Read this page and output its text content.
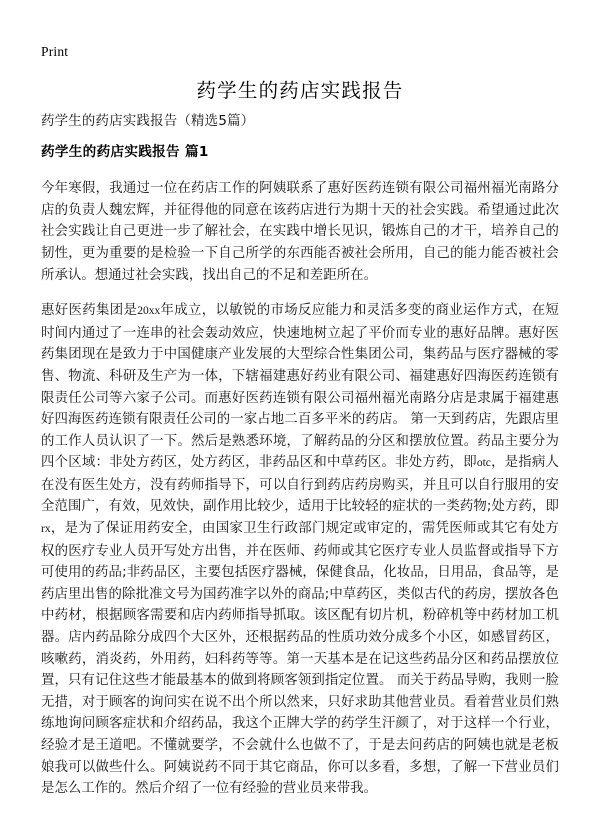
Print
药学生的药店实践报告

药学生的药店实践报告（精选5篇）

药学生的药店实践报告 篇1

今年寒假，我通过一位在药店工作的阿姨联系了惠好医药连锁有限公司福州福光南路分店的负责人魏宏辉，并征得他的同意在该药店进行为期十天的社会实践。希望通过此次社会实践让自己更进一步了解社会，在实践中增长见识，锻炼自己的才干，培养自己的韧性，更为重要的是检验一下自己所学的东西能否被社会所用，自己的能力能否被社会所承认。想通过社会实践，找出自己的不足和差距所在。

惠好医药集团是20xx年成立，以敏锐的市场反应能力和灵活多变的商业运作方式，在短时间内通过了一连串的社会轰动效应，快速地树立起了平价而专业的惠好品牌。惠好医药集团现在是致力于中国健康产业发展的大型综合性集团公司，集药品与医疗器械的零售、物流、科研及生产为一体，下辖福建惠好药业有限公司、福建惠好四海医药连锁有限责任公司等六家子公司。而惠好医药连锁有限公司福州福光南路分店是隶属于福建惠好四海医药连锁有限责任公司的一家占地二百多平米的药店。 第一天到药店，先跟店里的工作人员认识了一下。然后是熟悉环境，了解药品的分区和摆放位置。药品主要分为四个区域：非处方药区，处方药区，非药品区和中草药区。非处方药，即otc，是指病人在没有医生处方，没有药师指导下，可以自行到药店药房购买，并且可以自行服用的安全范围广，有效，见效快，副作用比较少，适用于比较轻的症状的一类药物;处方药，即rx，是为了保证用药安全，由国家卫生行政部门规定或审定的，需凭医师或其它有处方权的医疗专业人员开写处方出售，并在医师、药师或其它医疗专业人员监督或指导下方可使用的药品;非药品区，主要包括医疗器械，保健食品，化妆品，日用品，食品等，是药店里出售的除批准文号为国药准字以外的商品;中草药区，类似古代的药房，摆放各色中药材，根据顾客需要和店内药师指导抓取。该区配有切片机，粉碎机等中药材加工机器。店内药品除分成四个大区外，还根据药品的性质功效分成多个小区，如感冒药区，咳嗽药，消炎药，外用药，妇科药等等。第一天基本是在记这些药品分区和药品摆放位置，只有记住这些才能最基本的做到将顾客领到指定位置。 而关于药品导购，我则一脸无措，对于顾客的询问实在说不出个所以然来，只好求助其他营业员。看着营业员们熟练地询问顾客症状和介绍药品，我这个正牌大学的药学生汗颜了，对于这样一个行业，经验才是王道吧。不懂就要学，不会就什么也做不了，于是去问药店的阿姨也就是老板娘我可以做些什么。阿姨说药不同于其它商品，你可以多看，多想，了解一下营业员们是怎么工作的。然后介绍了一位有经验的营业员来带我。
